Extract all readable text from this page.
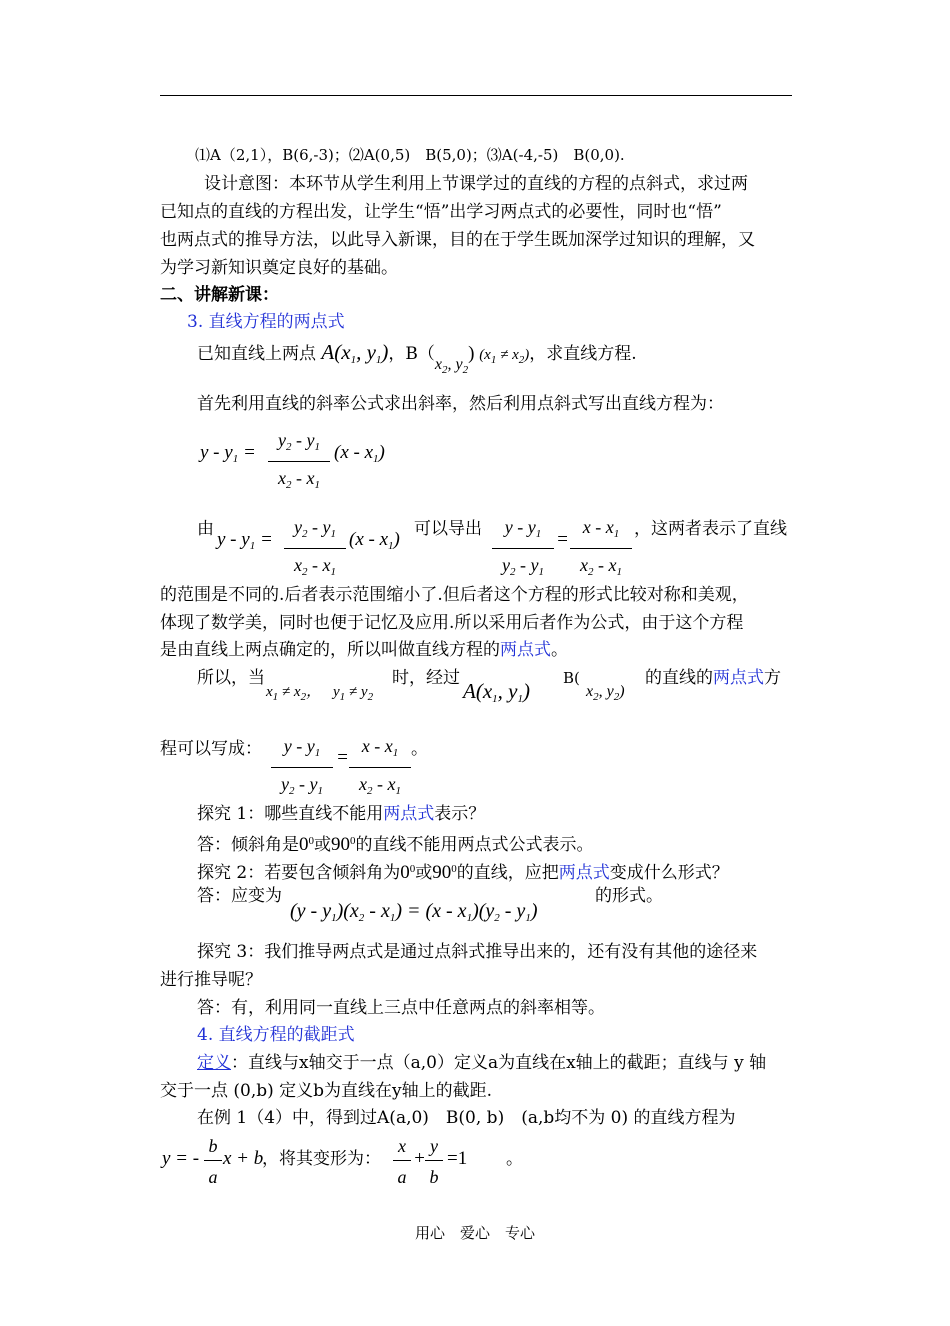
⑴A（2,1），B(6,-3)；⑵A(0,5)　B(5,0)；⑶A(-4,-5)　B(0,0).
设计意图：本环节从学生利用上节课学过的直线的方程的点斜式，求过两
已知点的直线的方程出发，让学生“悟”出学习两点式的必要性，同时也“悟”
也两点式的推导方法，以此导入新课，目的在于学生既加深学过知识的理解，又
为学习新知识奠定良好的基础。
二、讲解新课：
3. 直线方程的两点式
已知直线上两点 $A(x_1$, $y_1$)，$B(x_2$, $y_2$) $(x_1 \ne x_2)$，求直线方程.
首先利用直线的斜率公式求出斜率，然后利用点斜式写出直线方程为：
$y - y_1 = \frac{y_2 - y_1}{x_2 - x_1} (x - x_1)$
由 $y - y_1 = \frac{y_2 - y_1}{x_2 - x_1} (x - x_1)$ 可以导出 $\frac{y - y_1}{y_2 - y_1} = \frac{x - x_1}{x_2 - x_1}$ ，这两者表示了直线
的范围是不同的.后者表示范围缩小了.但后者这个方程的形式比较对称和美观，
体现了数学美，同时也便于记忆及应用.所以采用后者作为公式，由于这个方程
是由直线上两点确定的，所以叫做直线方程的两点式。
所以，当
$x_1 \ne x_2$， $y_1 \ne y_2$
时，经过
$A(x_1$, $y_1$)
B(
$x_2$, $y_2$)
的直线的两点式方
程可以写成： $\frac{y - y_1}{y_2 - y_1} = \frac{x - x_1}{x_2 - x_1}$ 。
探究 1：哪些直线不能用两点式表示？
答：倾斜角是$0^0$或$90^0$的直线不能用两点式公式表示。
探究 2：若要包含倾斜角为$0^0$或$90^0$的直线，应把两点式变成什么形式？
答：应变为
$(y - y_1)(x_2 - x_1) = (x - x_1)(y_2 - y_1)$
的形式。
探究 3：我们推导两点式是通过点斜式推导出来的，还有没有其他的途径来
进行推导呢？
答：有，利用同一直线上三点中任意两点的斜率相等。
4. 直线方程的截距式
定义：直线与x轴交于一点（a,0）定义a为直线在x轴上的截距；直线与 y 轴
交于一点 (0,b) 定义b为直线在y轴上的截距.
在例 1（4）中，得到过A(a,0)　B(0, b)　(a,b均不为 0) 的直线方程为
y = - $\frac{b}{a}$ x + b
，将其变形为： $\frac{x}{a} + \frac{y}{b} =1$ 。
用心　爱心　专心
